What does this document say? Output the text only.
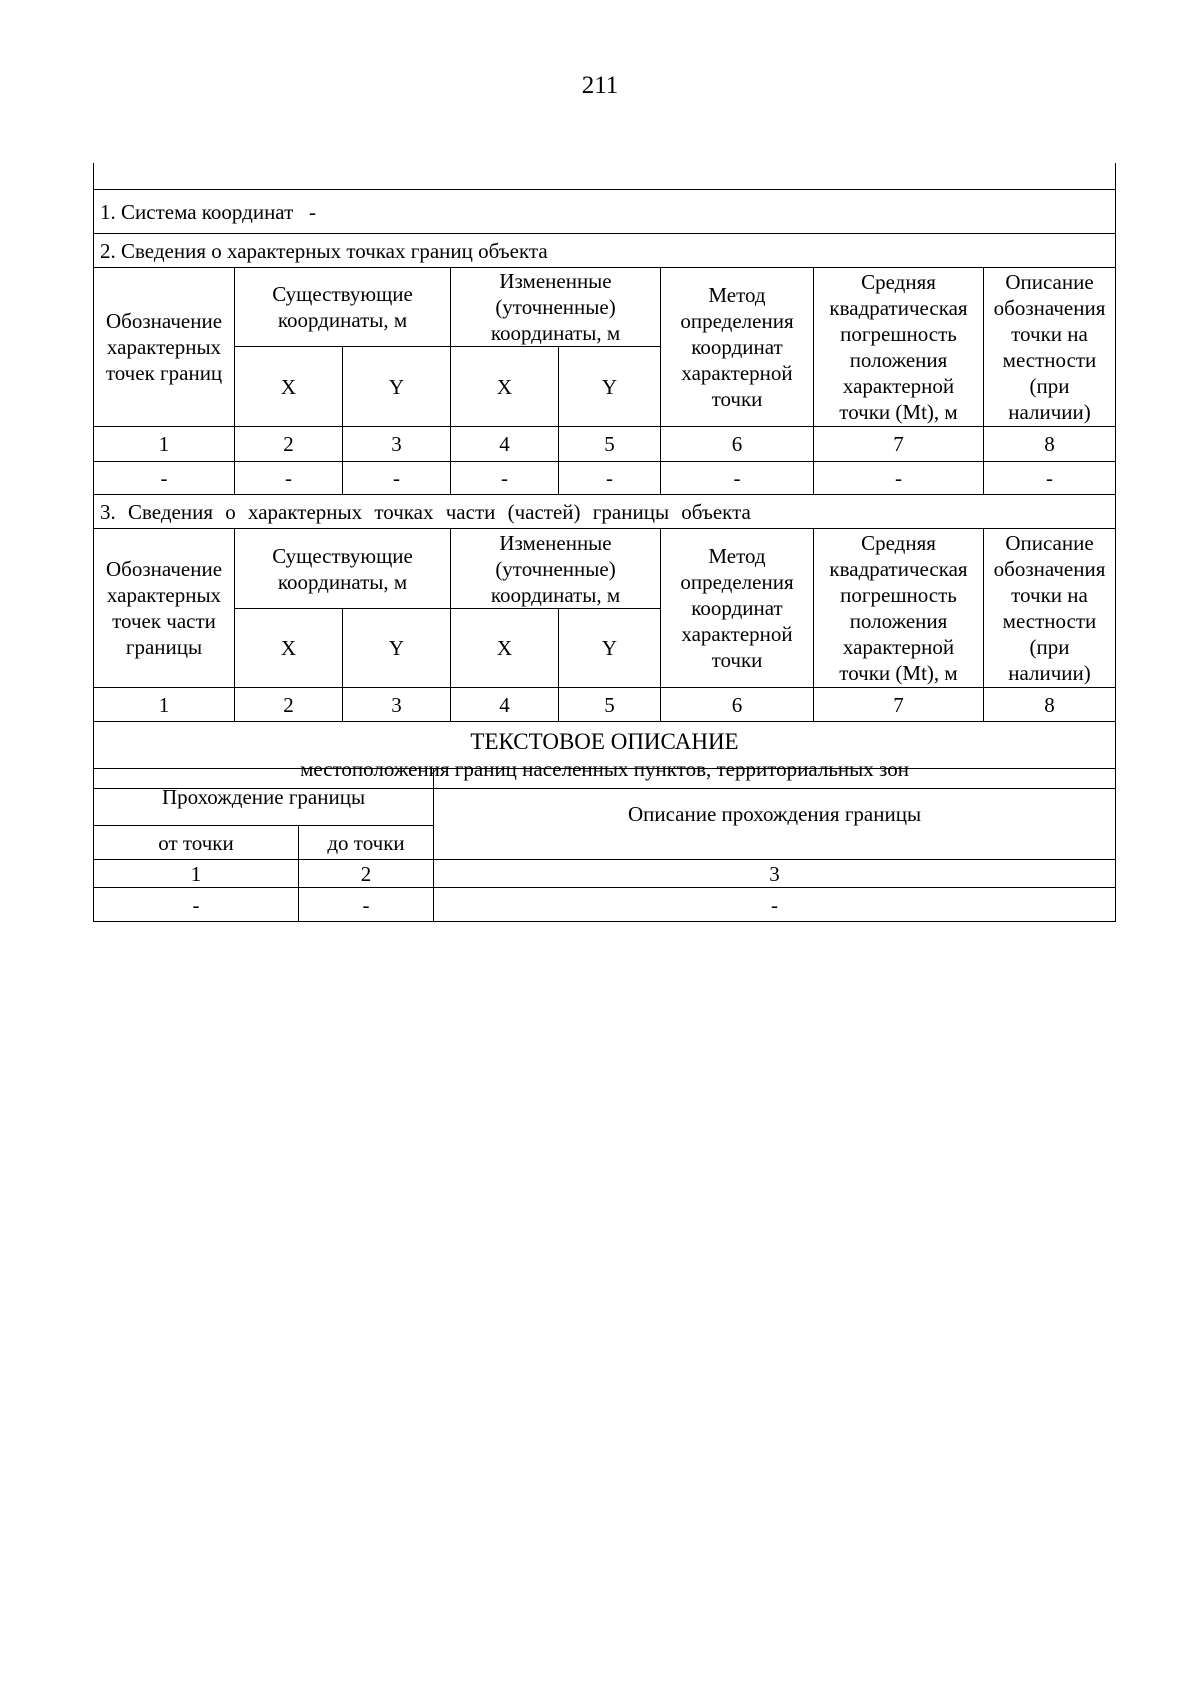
211

1. Система координат -							
2. Сведения о характерных точках границ объекта							
Обозначение характерных точек границ	Существующие координаты, м		Измененные (уточненные) координаты, м		Метод определения координат характерной точки	Средняя квадратическая погрешность положения характерной точки (Mt), м	Описание обозначения точки на местности (при наличии)
	X	Y	X	Y			
1	2	3	4	5	6	7	8
-	-	-	-	-	-	-	-
3. Сведения о характерных точках части (частей) границы объекта							
Обозначение характерных точек части границы	Существующие координаты, м		Измененные (уточненные) координаты, м		Метод определения координат характерной точки	Средняя квадратическая погрешность положения характерной точки (Mt), м	Описание обозначения точки на местности (при наличии)
	X	Y	X	Y			
1	2	3	4	5	6	7	8

ТЕКСТОВОЕ ОПИСАНИЕ
местоположения границ населенных пунктов, территориальных зон							
Прохождение границы		Описание прохождения границы
от точки	до точки	
1	2	3
-	-	-
